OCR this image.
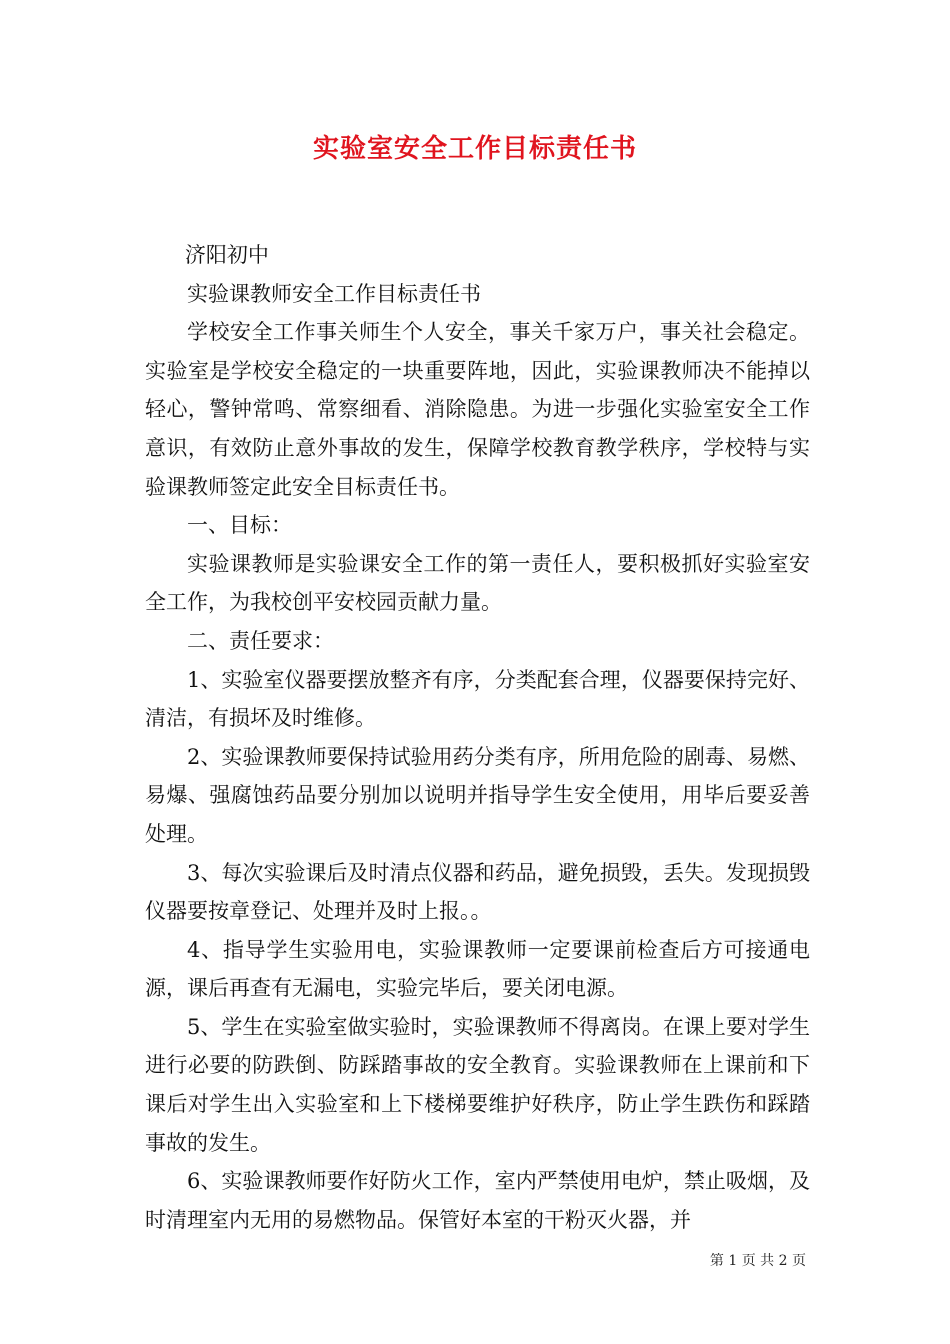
实验室安全工作目标责任书

济阳初中

实验课教师安全工作目标责任书

学校安全工作事关师生个人安全，事关千家万户，事关社会稳定。实验室是学校安全稳定的一块重要阵地，因此，实验课教师决不能掉以轻心，警钟常鸣、常察细看、消除隐患。为进一步强化实验室安全工作意识，有效防止意外事故的发生，保障学校教育教学秩序，学校特与实验课教师签定此安全目标责任书。

一、目标：

实验课教师是实验课安全工作的第一责任人，要积极抓好实验室安全工作，为我校创平安校园贡献力量。

二、责任要求：

1、实验室仪器要摆放整齐有序，分类配套合理，仪器要保持完好、清洁，有损坏及时维修。

2、实验课教师要保持试验用药分类有序，所用危险的剧毒、易燃、易爆、强腐蚀药品要分别加以说明并指导学生安全使用，用毕后要妥善处理。

3、每次实验课后及时清点仪器和药品，避免损毁，丢失。发现损毁仪器要按章登记、处理并及时上报。。

4、指导学生实验用电，实验课教师一定要课前检查后方可接通电源，课后再查有无漏电，实验完毕后，要关闭电源。

5、学生在实验室做实验时，实验课教师不得离岗。在课上要对学生进行必要的防跌倒、防踩踏事故的安全教育。实验课教师在上课前和下课后对学生出入实验室和上下楼梯要维护好秩序，防止学生跌伤和踩踏事故的发生。

6、实验课教师要作好防火工作，室内严禁使用电炉，禁止吸烟，及时清理室内无用的易燃物品。保管好本室的干粉灭火器，并

第 1 页 共 2 页
